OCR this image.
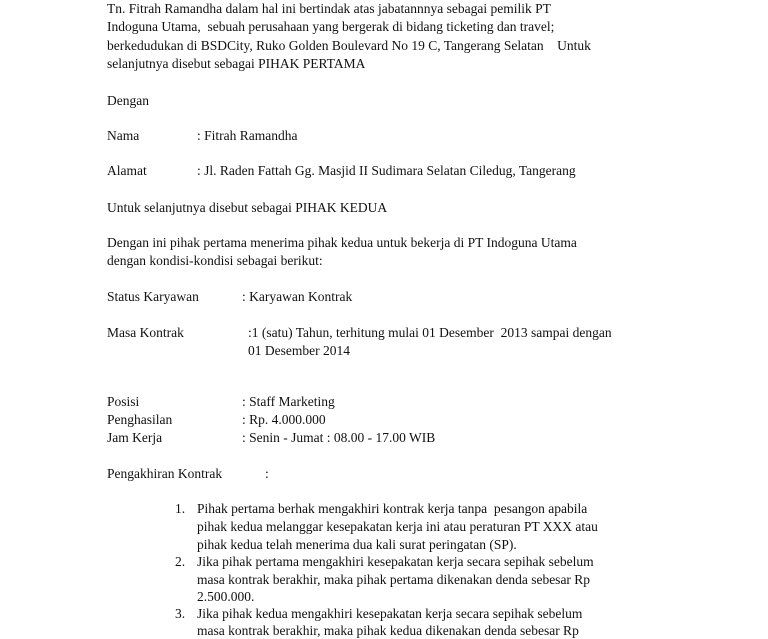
Tn. Fitrah Ramandha dalam hal ini bertindak atas jabatannnya sebagai pemilik PT
Indoguna Utama,  sebuah perusahaan yang bergerak di bidang ticketing dan travel;
berkedudukan di BSDCity, Ruko Golden Boulevard No 19 C, Tangerang Selatan    Untuk
selanjutnya disebut sebagai PIHAK PERTAMA
Dengan
Nama	: Fitrah Ramandha
Alamat	: Jl. Raden Fattah Gg. Masjid II Sudimara Selatan Ciledug, Tangerang
Untuk selanjutnya disebut sebagai PIHAK KEDUA
Dengan ini pihak pertama menerima pihak kedua untuk bekerja di PT Indoguna Utama
dengan kondisi-kondisi sebagai berikut:
Status Karyawan	: Karyawan Kontrak
Masa Kontrak	:1 (satu) Tahun, terhitung mulai 01 Desember  2013 sampai dengan
01 Desember 2014
Posisi	: Staff Marketing
Penghasilan	: Rp. 4.000.000
Jam Kerja	: Senin - Jumat : 08.00 - 17.00 WIB
Pengakhiran Kontrak	:
1. Pihak pertama berhak mengakhiri kontrak kerja tanpa  pesangon apabila
pihak kedua melanggar kesepakatan kerja ini atau peraturan PT XXX atau
pihak kedua telah menerima dua kali surat peringatan (SP).
2. Jika pihak pertama mengakhiri kesepakatan kerja secara sepihak sebelum
masa kontrak berakhir, maka pihak pertama dikenakan denda sebesar Rp
2.500.000.
3. Jika pihak kedua mengakhiri kesepakatan kerja secara sepihak sebelum
masa kontrak berakhir, maka pihak kedua dikenakan denda sebesar Rp
